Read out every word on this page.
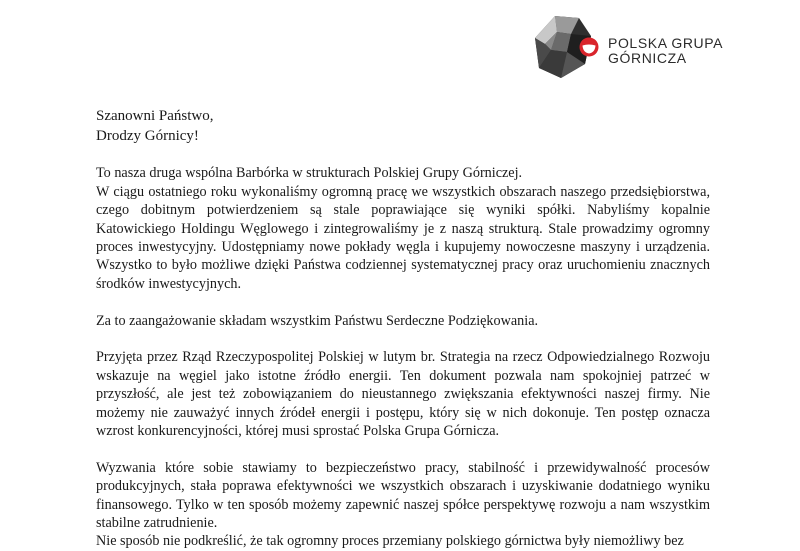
POLSKA GRUPA
GÓRNICZA

Szanowni Państwo,

Drodzy Górnicy!

To nasza druga wspólna Barbórka w strukturach Polskiej Grupy Górniczej.

W ciągu ostatniego roku wykonaliśmy ogromną pracę we wszystkich obszarach naszego przedsiębiorstwa, czego dobitnym potwierdzeniem są stale poprawiające się wyniki spółki. Nabyliśmy kopalnie Katowickiego Holdingu Węglowego i zintegrowaliśmy je z naszą strukturą. Stale prowadzimy ogromny proces inwestycyjny. Udostępniamy nowe pokłady węgla i kupujemy nowoczesne maszyny i urządzenia. Wszystko to było możliwe dzięki Państwa codziennej systematycznej pracy oraz uruchomieniu znacznych środków inwestycyjnych.

Za to zaangażowanie składam wszystkim Państwu Serdeczne Podziękowania.

Przyjęta przez Rząd Rzeczypospolitej Polskiej w lutym br. Strategia na rzecz Odpowiedzialnego Rozwoju wskazuje na węgiel jako istotne źródło energii. Ten dokument pozwala nam spokojniej patrzeć w przyszłość, ale jest też zobowiązaniem do nieustannego zwiększania efektywności naszej firmy. Nie możemy nie zauważyć innych źródeł energii i postępu, który się w nich dokonuje. Ten postęp oznacza wzrost konkurencyjności, której musi sprostać Polska Grupa Górnicza.

Wyzwania które sobie stawiamy to bezpieczeństwo pracy, stabilność i przewidywalność procesów produkcyjnych, stała poprawa efektywności we wszystkich obszarach i uzyskiwanie dodatniego wyniku finansowego. Tylko w ten sposób możemy zapewnić naszej spółce perspektywę rozwoju a nam wszystkim stabilne zatrudnienie.

Nie sposób nie podkreślić, że tak ogromny proces przemiany polskiego górnictwa były niemożliwy bez
